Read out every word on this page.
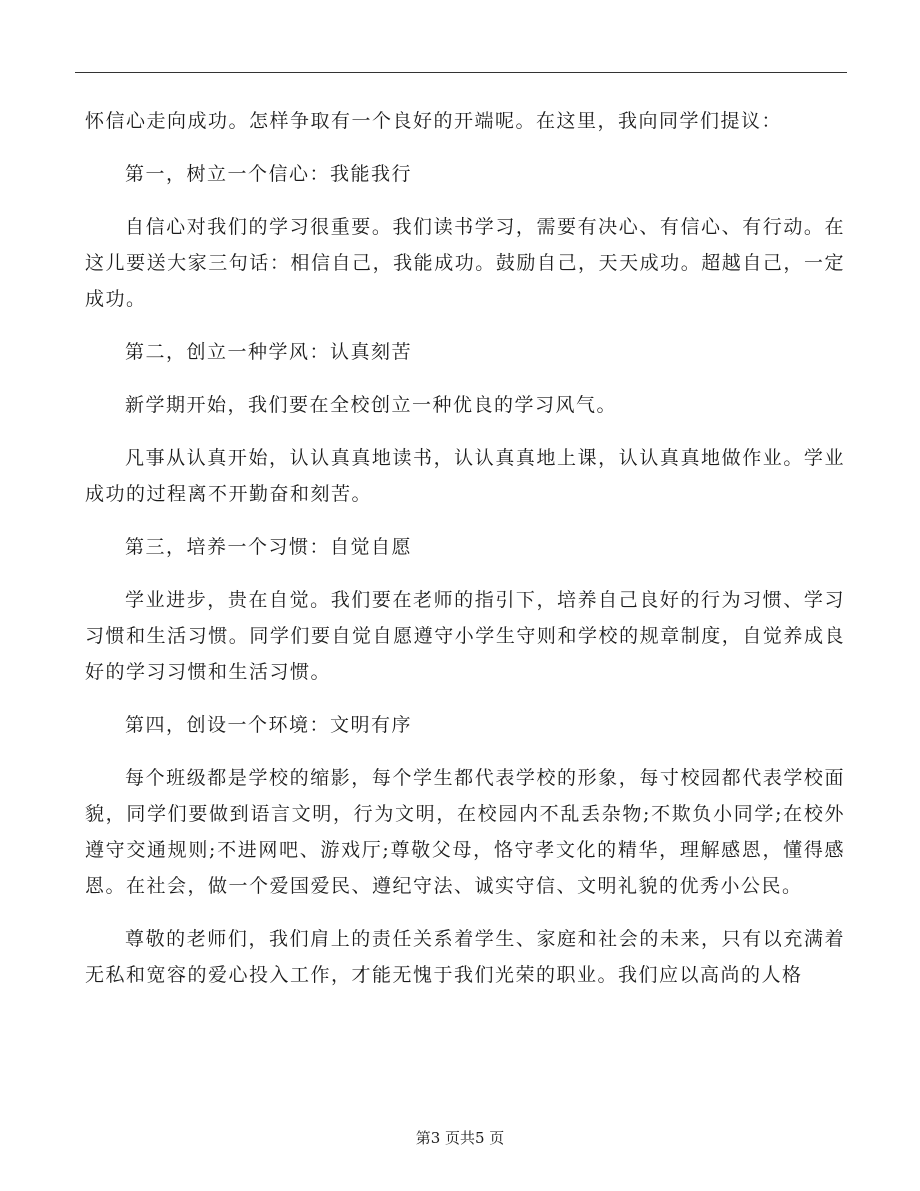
怀信心走向成功。怎样争取有一个良好的开端呢。在这里，我向同学们提议：

第一，树立一个信心：我能我行

自信心对我们的学习很重要。我们读书学习，需要有决心、有信心、有行动。在这儿要送大家三句话：相信自己，我能成功。鼓励自己，天天成功。超越自己，一定成功。

第二，创立一种学风：认真刻苦

新学期开始，我们要在全校创立一种优良的学习风气。

凡事从认真开始，认认真真地读书，认认真真地上课，认认真真地做作业。学业成功的过程离不开勤奋和刻苦。

第三，培养一个习惯：自觉自愿

学业进步，贵在自觉。我们要在老师的指引下，培养自己良好的行为习惯、学习习惯和生活习惯。同学们要自觉自愿遵守小学生守则和学校的规章制度，自觉养成良好的学习习惯和生活习惯。

第四，创设一个环境：文明有序

每个班级都是学校的缩影，每个学生都代表学校的形象，每寸校园都代表学校面貌，同学们要做到语言文明，行为文明，在校园内不乱丢杂物;不欺负小同学;在校外遵守交通规则;不进网吧、游戏厅;尊敬父母，恪守孝文化的精华，理解感恩，懂得感恩。在社会，做一个爱国爱民、遵纪守法、诚实守信、文明礼貌的优秀小公民。

尊敬的老师们，我们肩上的责任关系着学生、家庭和社会的未来，只有以充满着无私和宽容的爱心投入工作，才能无愧于我们光荣的职业。我们应以高尚的人格

第3 页共5 页
